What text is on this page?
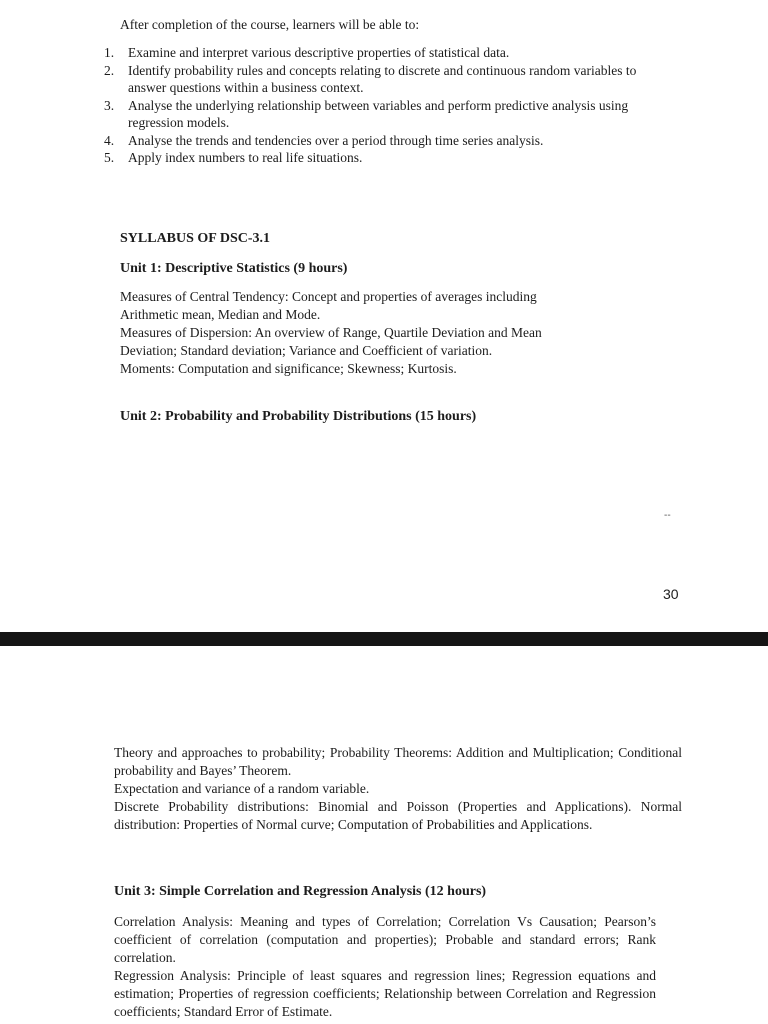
After completion of the course, learners will be able to:
1. Examine and interpret various descriptive properties of statistical data.
2. Identify probability rules and concepts relating to discrete and continuous random variables to answer questions within a business context.
3. Analyse the underlying relationship between variables and perform predictive analysis using regression models.
4. Analyse the trends and tendencies over a period through time series analysis.
5. Apply index numbers to real life situations.
SYLLABUS OF DSC-3.1
Unit 1: Descriptive Statistics (9 hours)
Measures of Central Tendency: Concept and properties of averages including
Arithmetic mean, Median and Mode.
Measures of Dispersion: An overview of Range, Quartile Deviation and Mean
Deviation; Standard deviation; Variance and Coefficient of variation.
Moments: Computation and significance; Skewness; Kurtosis.
Unit 2: Probability and Probability Distributions (15 hours)
--
30
Theory and approaches to probability; Probability Theorems: Addition and Multiplication; Conditional probability and Bayes’ Theorem.
Expectation and variance of a random variable.
Discrete Probability distributions: Binomial and Poisson (Properties and Applications). Normal distribution: Properties of Normal curve; Computation of Probabilities and Applications.
Unit 3: Simple Correlation and Regression Analysis (12 hours)
Correlation Analysis: Meaning and types of Correlation; Correlation Vs Causation; Pearson’s coefficient of correlation (computation and properties); Probable and standard errors; Rank correlation.
Regression Analysis: Principle of least squares and regression lines; Regression equations and estimation; Properties of regression coefficients; Relationship between Correlation and Regression coefficients; Standard Error of Estimate.
